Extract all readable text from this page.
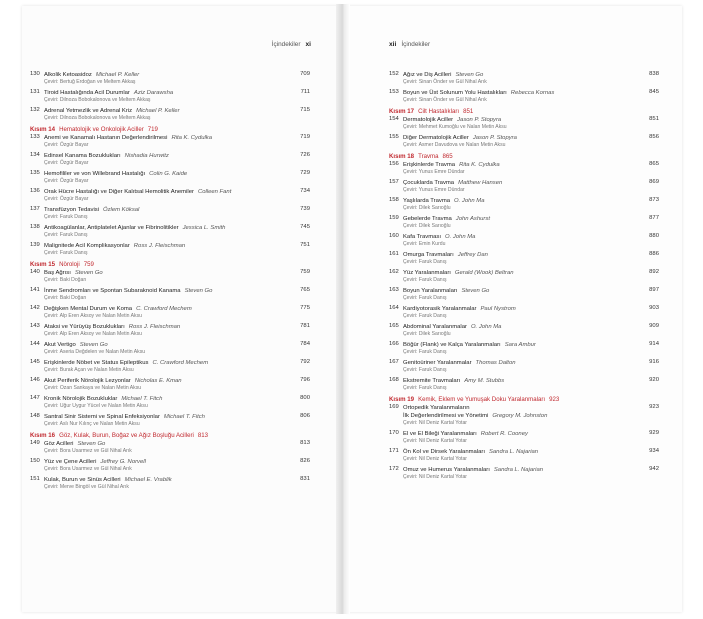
İçindekiler xi	xii İçindekiler
130 Alkolik Ketoasidoz Michael P. Keller
Çeviri: Bertuğ Erdoğan ve Meltem Akkaş
709
131 Tiroid Hastalığında Acil Durumlar Aziz Darawsha
Çeviri: Dilnoza Bobokalonova ve Meltem Akkaş
711
132 Adrenal Yetmezlik ve Adrenal Kriz Michael P. Keller
Çeviri: Dilnoza Bobokalonova ve Meltem Akkaş
715
Kısım 14 Hematolojik ve Onkolojik Aciller 719
133 Anemi ve Kanamalı Hastanın Değerlendirilmesi Rita K. Cydulka
Çeviri: Özgür Bayar
719
134 Edinsel Kanama Bozuklukları Nishadia Hurwitz
Çeviri: Özgür Bayar
726
135 Hemofililer ve von Willebrand Hastalığı Colin G. Kaide
Çeviri: Özgür Bayar
729
136 Orak Hücre Hastalığı ve Diğer Kalıtsal Hemolitik Anemiler Colleen Fant
Çeviri: Özgür Bayar
734
137 Transfüzyon Tedavisi Özlem Köksal
Çeviri: Faruk Danış
739
138 Antikoagülanlar, Antiplatelet Ajanlar ve Fibrinolitikler Jessica L. Smith
Çeviri: Faruk Danış
745
139 Malignitede Acil Komplikasyonlar Ross J. Fleischman
Çeviri: Faruk Danış
751
Kısım 15 Nöroloji 759
140 Baş Ağrısı Steven Go
Çeviri: Baki Doğan
759
141 İnme Sendromları ve Spontan Subaraknoid Kanama Steven Go
Çeviri: Baki Doğan
765
142 Değişken Mental Durum ve Koma C. Crawford Mechem
Çeviri: Alp Eren Aksoy ve Nalan Metin Aksu
775
143 Ataksi ve Yürüyüş Bozuklukları Ross J. Fleischman
Çeviri: Alp Eren Aksoy ve Nalan Metin Aksu
781
144 Akut Vertigo Steven Go
Çeviri: Aseria Değdelen ve Nalan Metin Aksu
784
145 Erişkinlerde Nöbet ve Status Epileptikus C. Crawford Mechem
Çeviri: Burak Açan ve Nalan Metin Aksu
792
146 Akut Periferik Nörolojik Lezyonlar Nicholas E. Kman
Çeviri: Ozan Sankaya ve Nalan Metin Aksu
796
147 Kronik Nörolojik Bozukluklar Michael T. Fitch
Çeviri: Uğur Uygur Yücel ve Nalan Metin Aksu
800
148 Santral Sinir Sistemi ve Spinal Enfeksiyonlar Michael T. Fitch
Çeviri: Aslı Nur Kılınç ve Nalan Metin Aksu
806
Kısım 16 Göz, Kulak, Burun, Boğaz ve Ağız Boşluğu Acilleri 813
149 Göz Acilleri Steven Go
Çeviri: Bora Usarmez ve Gül Nihal Arık
813
150 Yüz ve Çene Acilleri Jeffrey G. Norvell
Çeviri: Bora Usarmez ve Gül Nihal Arık
826
151 Kulak, Burun ve Sinüs Acilleri Michael E. Vrablik
Çeviri: Merve Bingöl ve Gül Nihal Arık
831
152 Ağız ve Diş Acilleri Steven Go
Çeviri: Sinan Önder ve Gül Nihal Arık
838
153 Boyun ve Üst Solunum Yolu Hastalıkları Rebecca Kornas
Çeviri: Sinan Önder ve Gül Nihal Arık
845
Kısım 17 Cilt Hastalıkları 851
154 Dermatolojik Aciller Jason P. Stopyra
Çeviri: Mehmet Kumoğlu ve Nalan Metin Aksu
851
155 Diğer Dermatolojik Aciller Jason P. Stopyra
Çeviri: Asmer Davudova ve Nalan Metin Aksu
856
Kısım 18 Travma 865
156 Erişkinlerde Travma Rita K. Cydulka
Çeviri: Yunus Emre Dündar
865
157 Çocuklarda Travma Matthew Hansen
Çeviri: Yunus Emre Dündar
869
158 Yaşlılarda Travma O. John Ma
Çeviri: Dilek Sarıoğlu
873
159 Gebelerde Travma John Ashurst
Çeviri: Dilek Sarıoğlu
877
160 Kafa Travması O. John Ma
Çeviri: Emin Kurdu
880
161 Omurga Travmaları Jeffrey Dan
Çeviri: Faruk Danış
886
162 Yüz Yaralanmaları Gerald (Wook) Beltran
Çeviri: Faruk Danış
892
163 Boyun Yaralanmaları Steven Go
Çeviri: Faruk Danış
897
164 Kardiyotorasik Yaralanmalar Paul Nystrom
Çeviri: Faruk Danış
903
165 Abdominal Yaralanmalar O. John Ma
Çeviri: Dilek Sarıoğlu
909
166 Böğür (Flank) ve Kalça Yaralanmaları Sara Ambur
Çeviri: Faruk Danış
914
167 Genitoüriner Yaralanmalar Thomas Dalton
Çeviri: Faruk Danış
916
168 Ekstremite Travmaları Amy M. Stubbs
Çeviri: Faruk Danış
920
Kısım 19 Kemik, Eklem ve Yumuşak Doku Yaralanmaları 923
169 Ortopedik Yaralanmaların
İlk Değerlendirilmesi ve Yönetimi Gregory M. Johnston
Çeviri: Nil Deniz Kartal Yotar
923
170 El ve El Bileği Yaralanmaları Robert R. Cooney
Çeviri: Nil Deniz Kartal Yotar
929
171 Ön Kol ve Dirsek Yaralanmaları Sandra L. Najarian
Çeviri: Nil Deniz Kartal Yotar
934
172 Omuz ve Humerus Yaralanmaları Sandra L. Najarian
Çeviri: Nil Deniz Kartal Yotar
942
